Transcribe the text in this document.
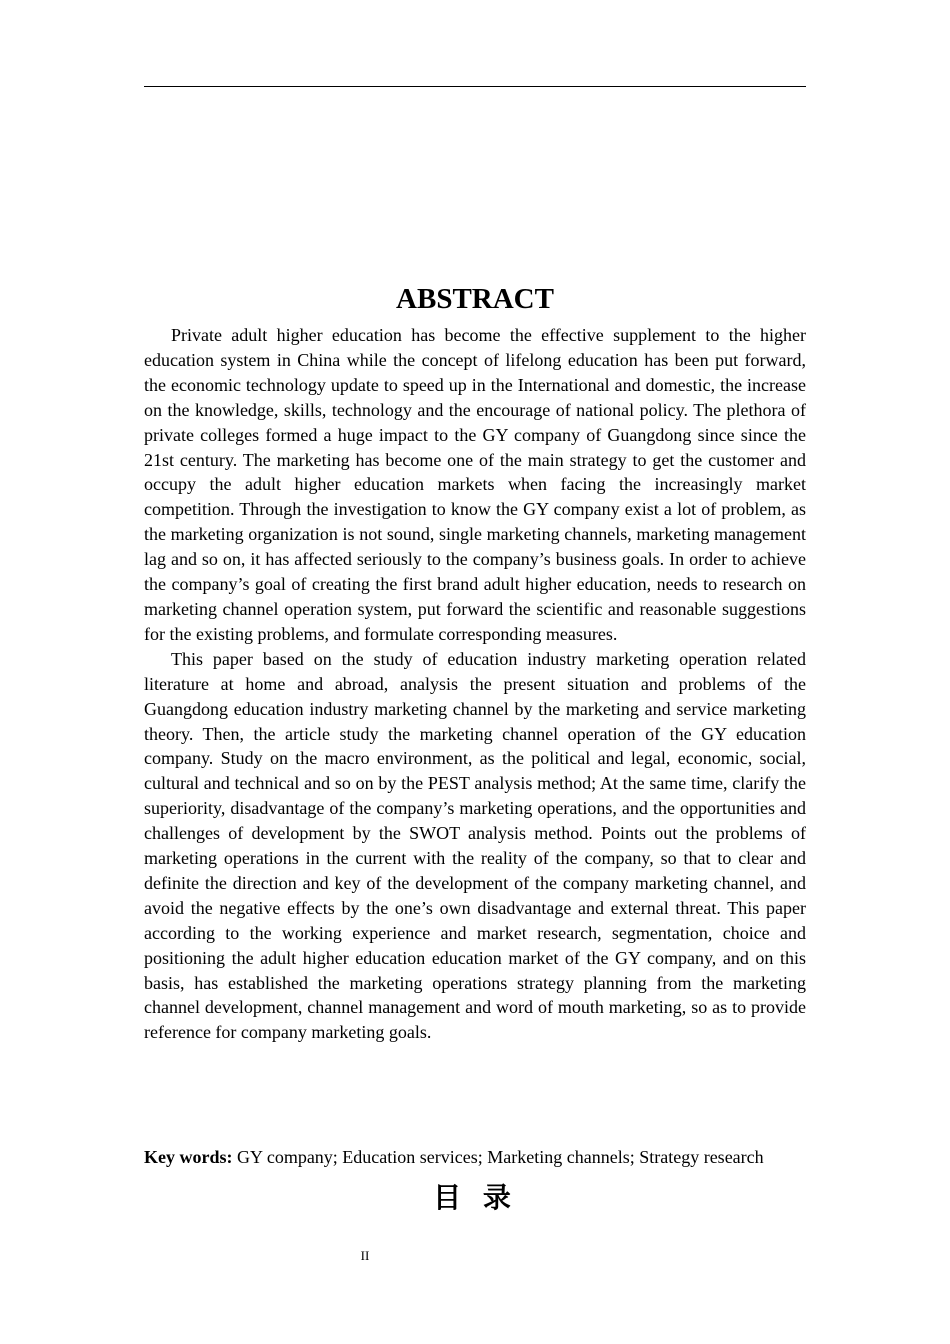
ABSTRACT

Private adult higher education has become the effective supplement to the higher education system in China while the concept of lifelong education has been put forward, the economic technology update to speed up in the International and domestic, the increase on the knowledge, skills, technology and the encourage of national policy. The plethora of private colleges formed a huge impact to the GY company of Guangdong since since the 21st century. The marketing has become one of the main strategy to get the customer and occupy the adult higher education markets when facing the increasingly market competition. Through the investigation to know the GY company exist a lot of problem, as the marketing organization is not sound, single marketing channels, marketing management lag and so on, it has affected seriously to the company’s business goals. In order to achieve the company’s goal of creating the first brand adult higher education, needs to research on marketing channel operation system, put forward the scientific and reasonable suggestions for the existing problems, and formulate corresponding measures.

This paper based on the study of education industry marketing operation related literature at home and abroad, analysis the present situation and problems of the Guangdong education industry marketing channel by the marketing and service marketing theory. Then, the article study the marketing channel operation of the GY education company. Study on the macro environment, as the political and legal, economic, social, cultural and technical and so on by the PEST analysis method; At the same time, clarify the superiority, disadvantage of the company’s marketing operations, and the opportunities and challenges of development by the SWOT analysis method. Points out the problems of marketing operations in the current with the reality of the company, so that to clear and definite the direction and key of the development of the company marketing channel, and avoid the negative effects by the one’s own disadvantage and external threat. This paper according to the working experience and market research, segmentation, choice and positioning the adult higher education education market of the GY company, and on this basis, has established the marketing operations strategy planning from the marketing channel development, channel management and word of mouth marketing, so as to provide reference for company marketing goals.

Key words: GY company; Education services; Marketing channels; Strategy research

目 录
II
